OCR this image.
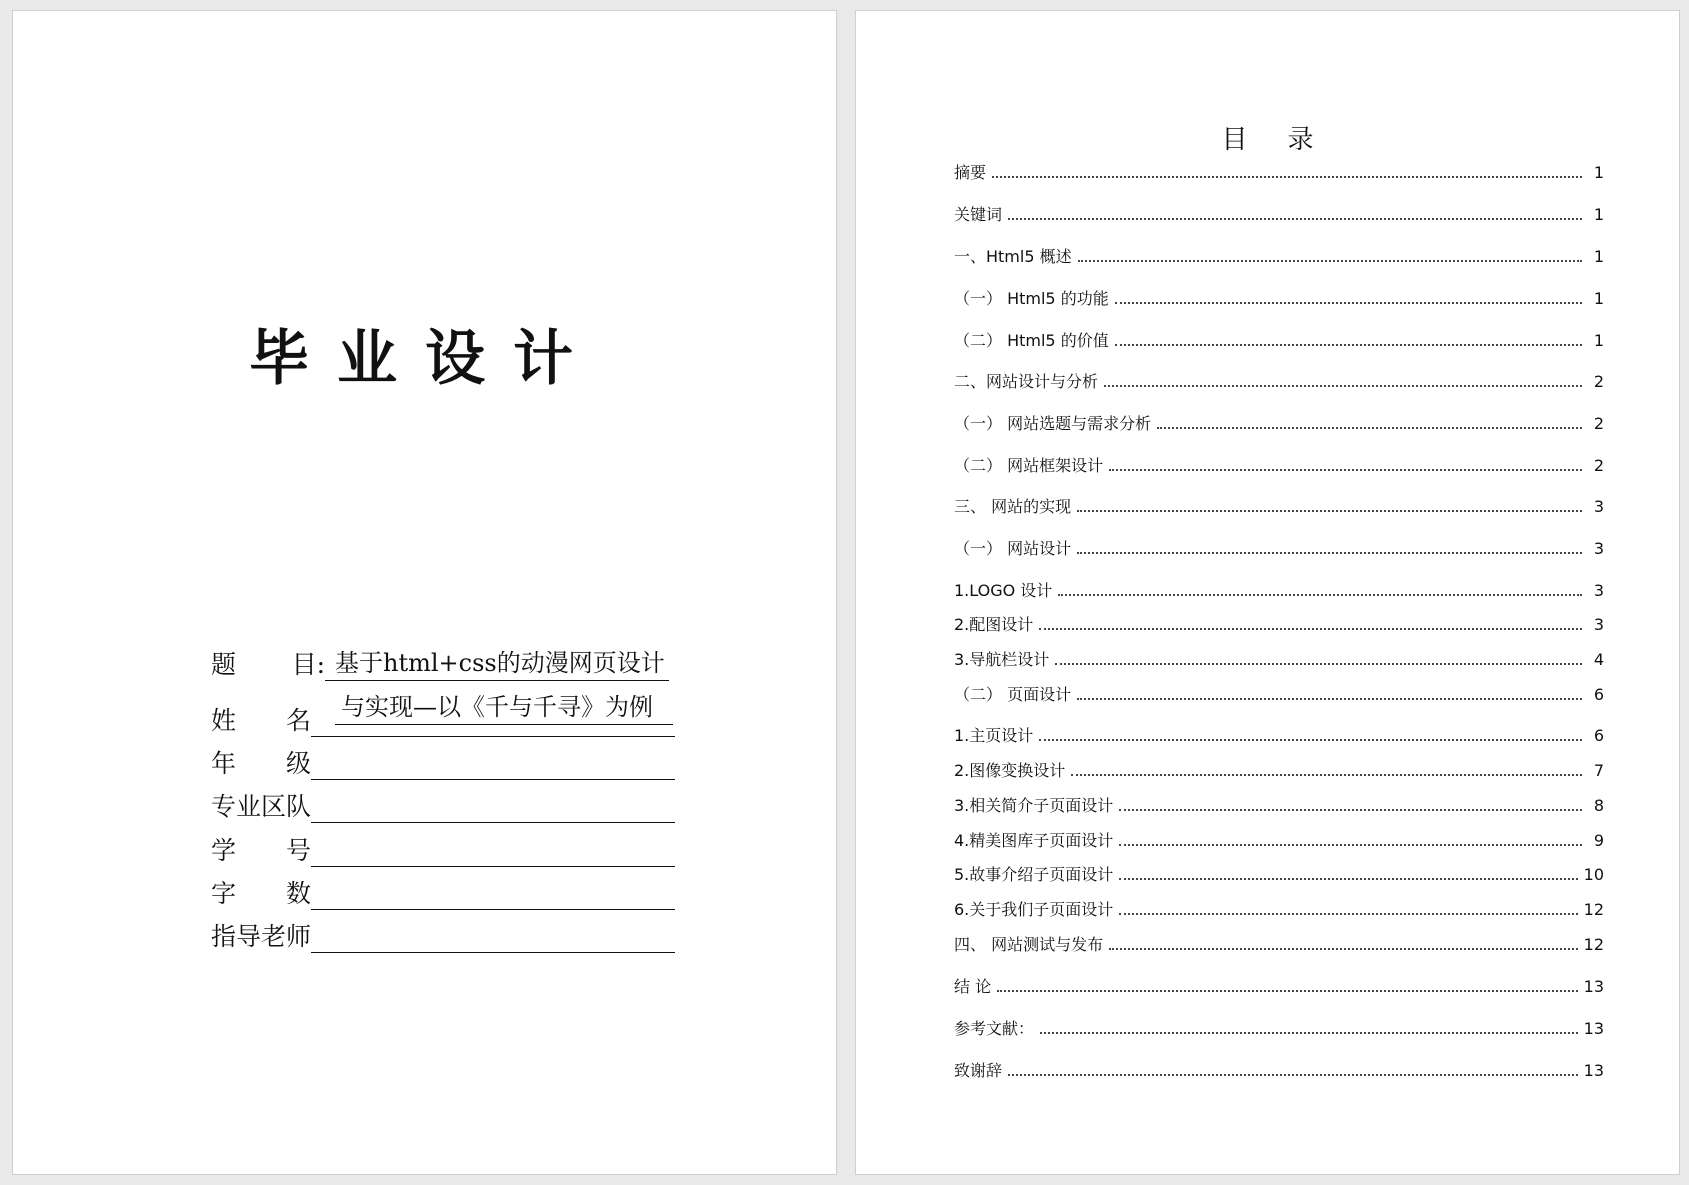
毕业设计
题 目: 基于html+css的动漫网页设计
与实现—以《千与千寻》为例
姓 名
年 级
专业区队
学 号
字 数
指导老师
目录
摘要	1
关键词	1
一、Html5 概述	1
（一） Html5 的功能	1
（二） Html5 的价值	1
二、网站设计与分析	2
（一） 网站选题与需求分析	2
（二） 网站框架设计	2
三、 网站的实现	3
（一） 网站设计	3
1.LOGO 设计	3
2.配图设计	3
3.导航栏设计	4
（二） 页面设计	6
1.主页设计	6
2.图像变换设计	7
3.相关简介子页面设计	8
4.精美图库子页面设计	9
5.故事介绍子页面设计	10
6.关于我们子页面设计	12
四、 网站测试与发布	12
结 论	13
参考文献：	13
致谢辞	13
